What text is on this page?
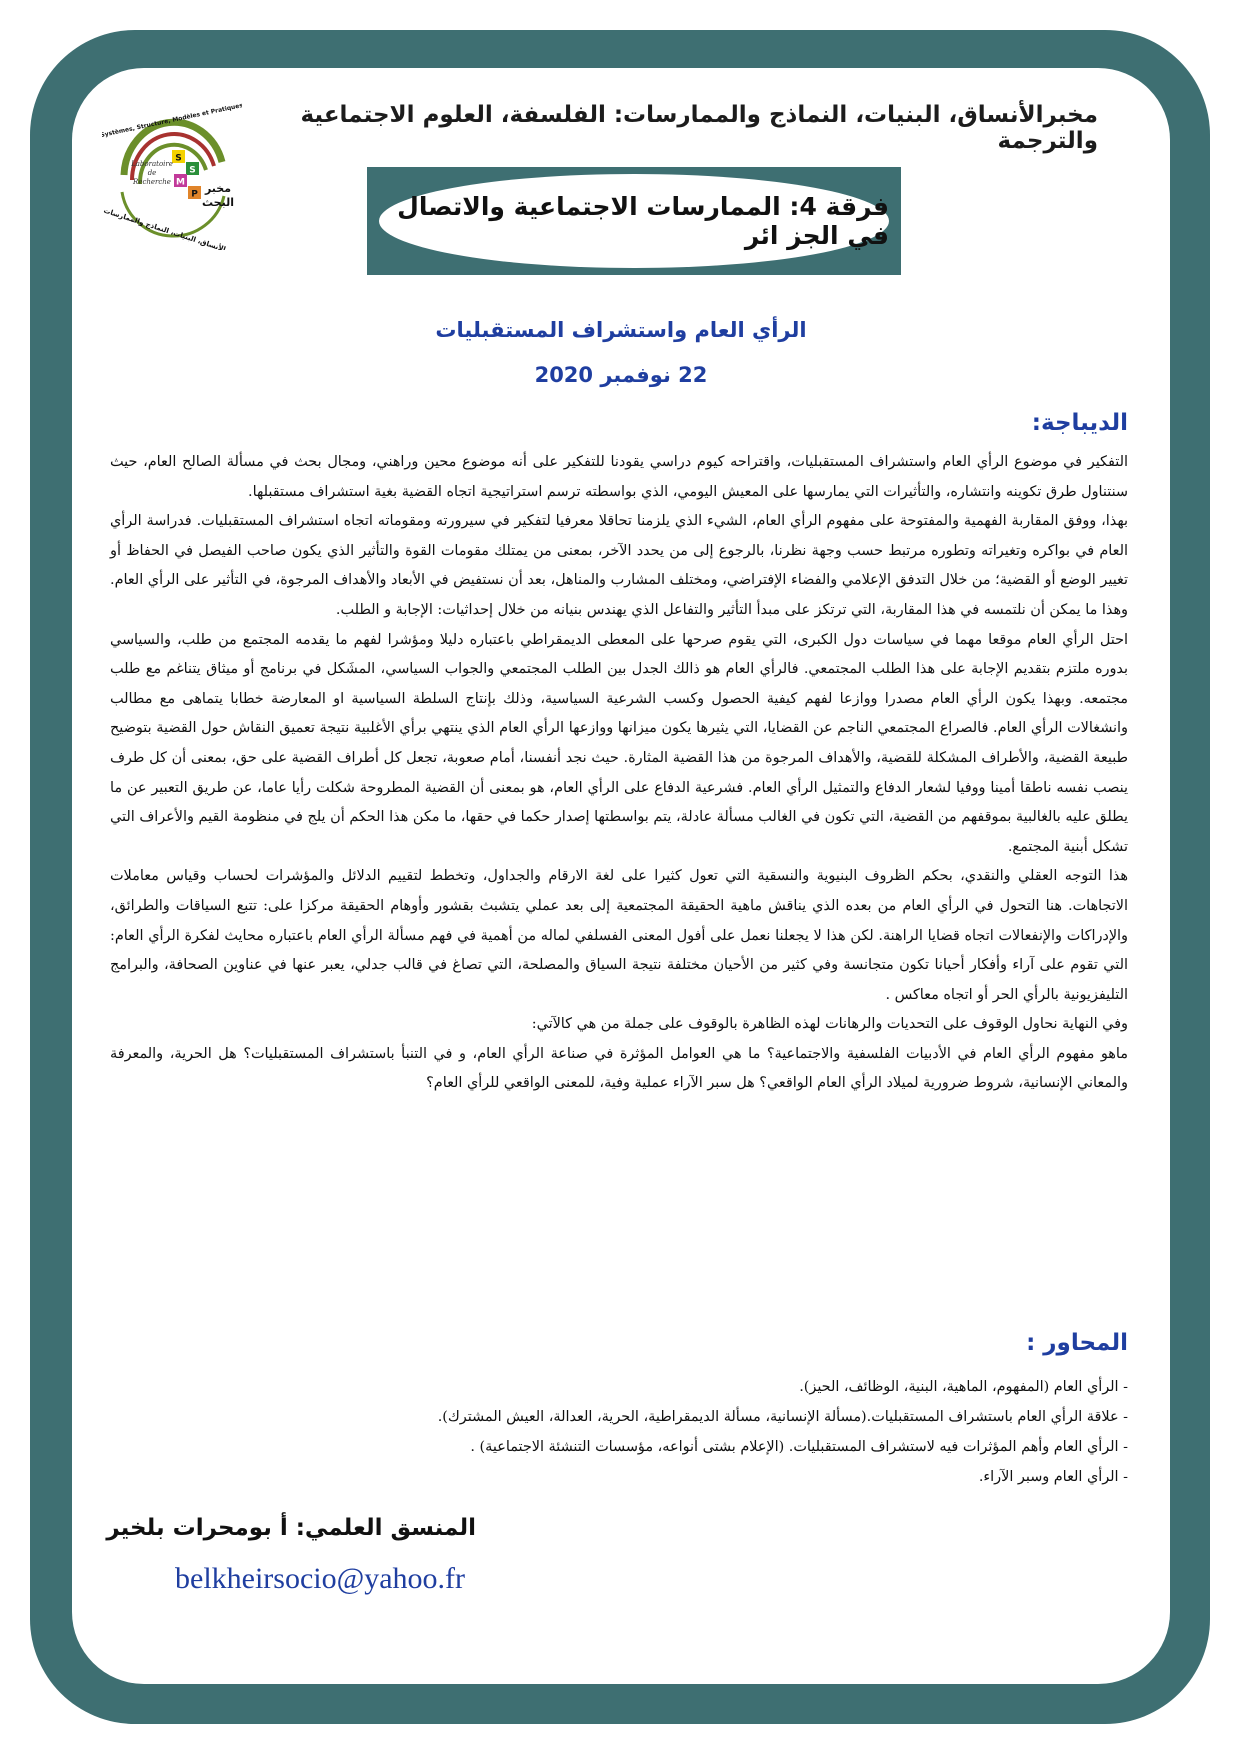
مخبرالأنساق، البنيات، النماذج والممارسات: الفلسفة، العلوم الاجتماعية والترجمة
S
S
M
P
Laboratoire
de
Recherche	مخبر
البحث
Systèmes, Structure, Modèles et Pratiques
الأنساق، البنيات، النماذج والممارسات
فرقة 4: الممارسات الاجتماعية والاتصال في الجز ائر
الرأي العام واستشراف المستقبليات
22 نوفمبر 2020
الديباجة:

التفكير في موضوع الرأي العام واستشراف المستقبليات، واقتراحه كيوم دراسي يقودنا للتفكير على أنه موضوع محين وراهني، ومجال بحث في مسألة الصالح العام، حيث سنتناول طرق تكوينه وانتشاره، والتأثيرات التي يمارسها على المعيش اليومي، الذي بواسطته ترسم استراتيجية اتجاه القضية بغية استشراف مستقبلها.

بهذا، ووفق المقاربة الفهمية والمفتوحة على مفهوم الرأي العام، الشيء الذي يلزمنا تحاقلا معرفيا لتفكير في سيرورته ومقوماته اتجاه استشراف المستقبليات. فدراسة الرأي العام في بواكره وتغيراته وتطوره مرتبط حسب وجهة نظرنا، بالرجوع إلى من يحدد الآخر، بمعنى من يمتلك مقومات القوة والتأثير الذي يكون صاحب الفيصل في الحفاظ أو تغيير الوضع أو القضية؛ من خلال التدفق الإعلامي والفضاء الإفتراضي، ومختلف المشارب والمناهل، بعد أن نستفيض في الأبعاد والأهداف المرجوة، في التأثير على الرأي العام. وهذا ما يمكن أن نلتمسه في هذا المقاربة، التي ترتكز على مبدأ التأثير والتفاعل الذي يهندس بنيانه من خلال إحداثيات: الإجابة و الطلب.

احتل الرأي العام موقعا مهما في سياسات دول الكبرى، التي يقوم صرحها على المعطى الديمقراطي باعتباره دليلا ومؤشرا لفهم ما يقدمه المجتمع من طلب، والسياسي بدوره ملتزم بتقديم الإجابة على هذا الطلب المجتمعي. فالرأي العام هو ذالك الجدل بين الطلب المجتمعي والجواب السياسي، المشَكل في برنامج أو ميثاق يتناغم مع طلب مجتمعه. وبهذا يكون الرأي العام مصدرا ووازعا لفهم كيفية الحصول وكسب الشرعية السياسية، وذلك بإنتاج السلطة السياسية او المعارضة خطابا يتماهى مع مطالب وانشغالات الرأي العام. فالصراع المجتمعي الناجم عن القضايا، التي يثيرها يكون ميزانها ووازعها الرأي العام الذي ينتهي برأي الأغلبية نتيجة تعميق النقاش حول القضية بتوضيح طبيعة القضية، والأطراف المشكلة للقضية، والأهداف المرجوة من هذا القضية المثارة. حيث نجد أنفسنا، أمام صعوبة، تجعل كل أطراف القضية على حق، بمعنى أن كل طرف ينصب نفسه ناطقا أمينا ووفيا لشعار الدفاع والتمثيل الرأي العام. فشرعية الدفاع على الرأي العام، هو بمعنى أن القضية المطروحة شكلت رأيا عاما، عن طريق التعبير عن ما يطلق عليه بالغالبية بموقفهم من القضية، التي تكون في الغالب مسألة عادلة، يتم بواسطتها إصدار حكما في حقها، ما مكن هذا الحكم أن يلج في منظومة القيم والأعراف التي تشكل أبنية المجتمع.

هذا التوجه العقلي والنقدي، بحكم الظروف البنيوية والنسقية التي تعول كثيرا على لغة الارقام والجداول، وتخطط لتقييم الدلائل والمؤشرات لحساب وقياس معاملات الاتجاهات. هنا التحول في الرأي العام من بعده الذي يناقش ماهية الحقيقة المجتمعية إلى بعد عملي يتشبث بقشور وأوهام الحقيقة مركزا على: تتبع السياقات والطرائق، والإدراكات والإنفعالات اتجاه قضايا الراهنة. لكن هذا لا يجعلنا نعمل على أفول المعنى الفسلفي لماله من أهمية في فهم مسألة الرأي العام باعتباره محايث لفكرة الرأي العام: التي تقوم على آراء وأفكار أحيانا تكون متجانسة وفي كثير من الأحيان مختلفة نتيجة السياق والمصلحة، التي تصاغ في قالب جدلي، يعبر عنها في عناوين الصحافة، والبرامج التليفزيونية بالرأي الحر أو اتجاه معاكس .

وفي النهاية نحاول الوقوف على التحديات والرهانات لهذه الظاهرة بالوقوف على جملة من هي كالآتي:

ماهو مفهوم الرأي العام في الأدبيات الفلسفية والاجتماعية؟ ما هي العوامل المؤثرة في صناعة الرأي العام، و في التنبأ باستشراف المستقبليات؟ هل الحرية، والمعرفة والمعاني الإنسانية، شروط ضرورية لميلاد الرأي العام الواقعي؟ هل سبر الآراء عملية وفية، للمعنى الواقعي للرأي العام؟

المحاور :
- الرأي العام (المفهوم، الماهية، البنية، الوظائف، الحيز).
- علاقة الرأي العام باستشراف المستقبليات.(مسألة الإنسانية، مسألة الديمقراطية، الحرية، العدالة، العيش المشترك).
- الرأي العام وأهم المؤثرات فيه لاستشراف المستقبليات. (الإعلام بشتى أنواعه، مؤسسات التنشئة الاجتماعية) .
- الرأي العام وسبر الآراء.
المنسق العلمي: أ بومحرات بلخير
belkheirsocio@yahoo.fr
